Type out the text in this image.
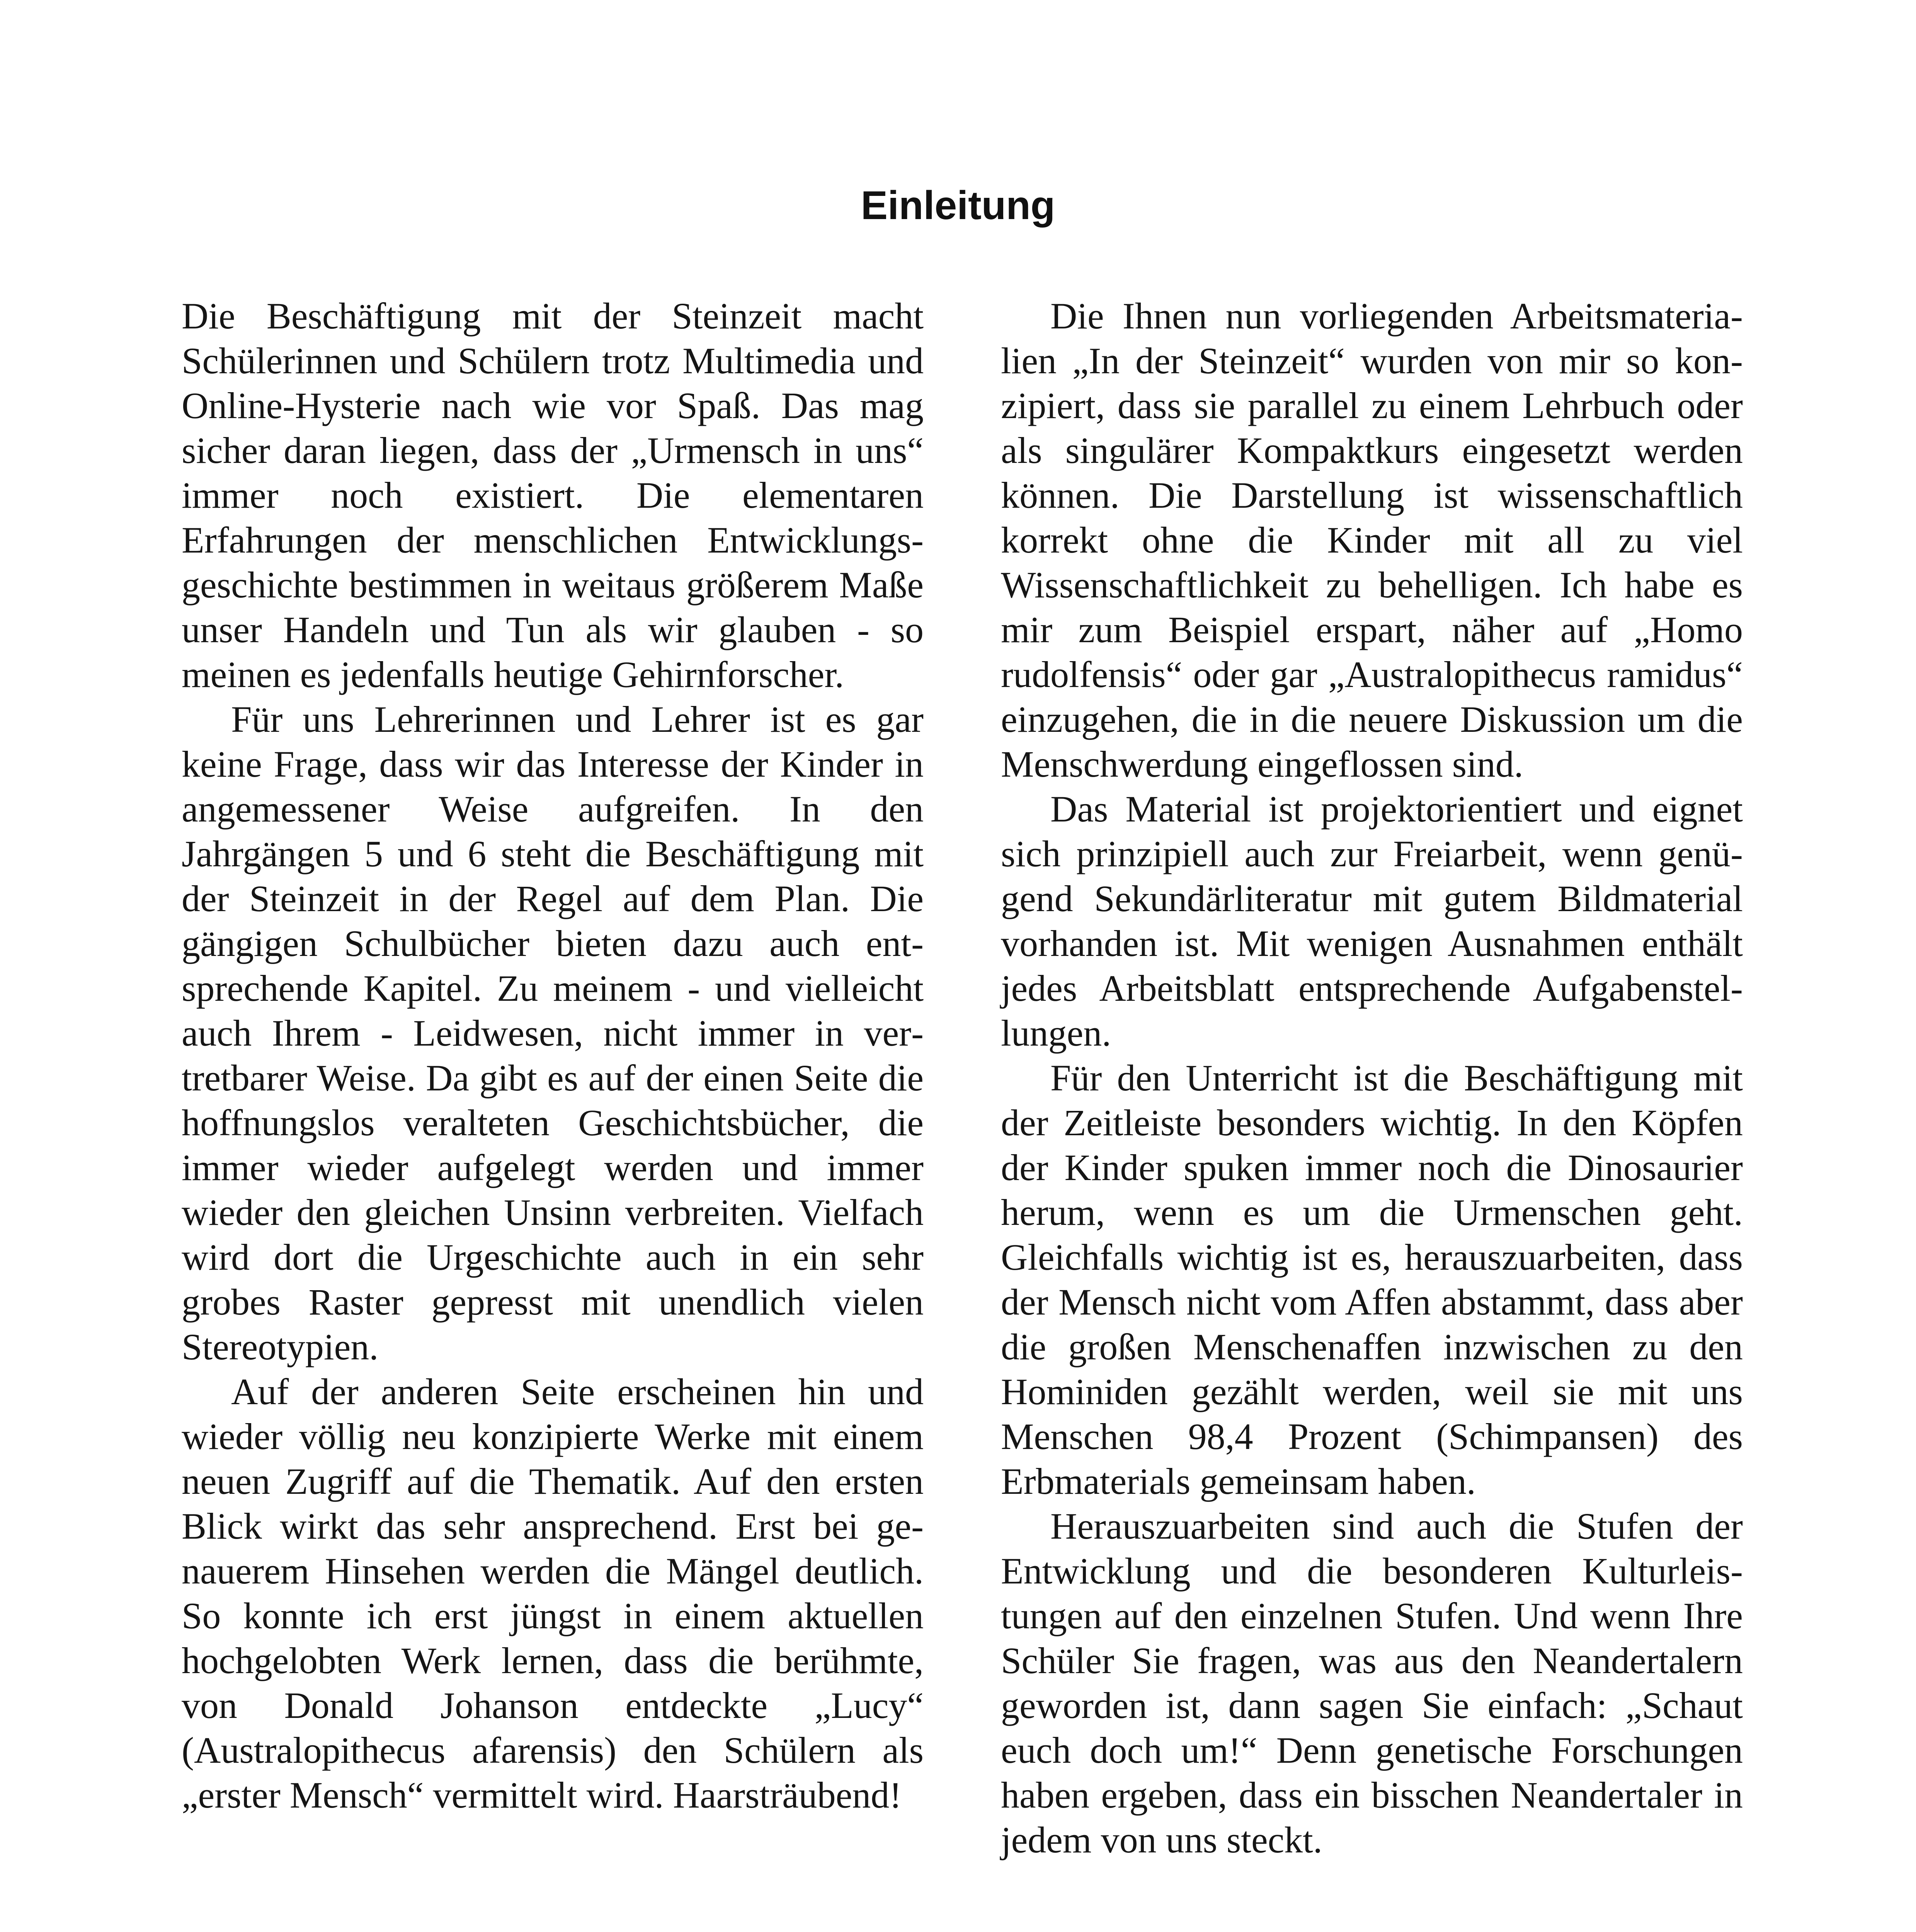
Einleitung

Die Beschäftigung mit der Steinzeit macht Schülerinnen und Schülern trotz Multimedia und Online-Hysterie nach wie vor Spaß. Das mag sicher daran liegen, dass der „Urmensch in uns“ immer noch existiert. Die elementaren Erfahrungen der menschlichen Entwicklungsgeschichte bestimmen in weitaus größerem Maße unser Handeln und Tun als wir glauben - so meinen es jedenfalls heutige Gehirnforscher.

Für uns Lehrerinnen und Lehrer ist es gar keine Frage, dass wir das Interesse der Kinder in angemessener Weise aufgreifen. In den Jahrgängen 5 und 6 steht die Beschäftigung mit der Steinzeit in der Regel auf dem Plan. Die gängigen Schulbücher bieten dazu auch entsprechende Kapitel. Zu meinem - und vielleicht auch Ihrem - Leidwesen, nicht immer in vertretbarer Weise. Da gibt es auf der einen Seite die hoffnungslos veralteten Geschichtsbücher, die immer wieder aufgelegt werden und immer wieder den gleichen Unsinn verbreiten. Vielfach wird dort die Urgeschichte auch in ein sehr grobes Raster gepresst mit unendlich vielen Stereotypien.

Auf der anderen Seite erscheinen hin und wieder völlig neu konzipierte Werke mit einem neuen Zugriff auf die Thematik. Auf den ersten Blick wirkt das sehr ansprechend. Erst bei genauerem Hinsehen werden die Mängel deutlich. So konnte ich erst jüngst in einem aktuellen hochgelobten Werk lernen, dass die berühmte, von Donald Johanson entdeckte „Lucy“ (Australopithecus afarensis) den Schülern als „erster Mensch“ vermittelt wird. Haarsträubend!

Die Ihnen nun vorliegenden Arbeitsmaterialien „In der Steinzeit“ wurden von mir so konzipiert, dass sie parallel zu einem Lehrbuch oder als singulärer Kompaktkurs eingesetzt werden können. Die Darstellung ist wissenschaftlich korrekt ohne die Kinder mit all zu viel Wissenschaftlichkeit zu behelligen. Ich habe es mir zum Beispiel erspart, näher auf „Homo rudolfensis“ oder gar „Australopithecus ramidus“ einzugehen, die in die neuere Diskussion um die Menschwerdung eingeflossen sind.

Das Material ist projektorientiert und eignet sich prinzipiell auch zur Freiarbeit, wenn genügend Sekundärliteratur mit gutem Bildmaterial vorhanden ist. Mit wenigen Ausnahmen enthält jedes Arbeitsblatt entsprechende Aufgabenstellungen.

Für den Unterricht ist die Beschäftigung mit der Zeitleiste besonders wichtig. In den Köpfen der Kinder spuken immer noch die Dinosaurier herum, wenn es um die Urmenschen geht. Gleichfalls wichtig ist es, herauszuarbeiten, dass der Mensch nicht vom Affen abstammt, dass aber die großen Menschenaffen inzwischen zu den Hominiden gezählt werden, weil sie mit uns Menschen 98,4 Prozent (Schimpansen) des Erbmaterials gemeinsam haben.

Herauszuarbeiten sind auch die Stufen der Entwicklung und die besonderen Kulturleistungen auf den einzelnen Stufen. Und wenn Ihre Schüler Sie fragen, was aus den Neandertalern geworden ist, dann sagen Sie einfach: „Schaut euch doch um!“ Denn genetische Forschungen haben ergeben, dass ein bisschen Neandertaler in jedem von uns steckt.
